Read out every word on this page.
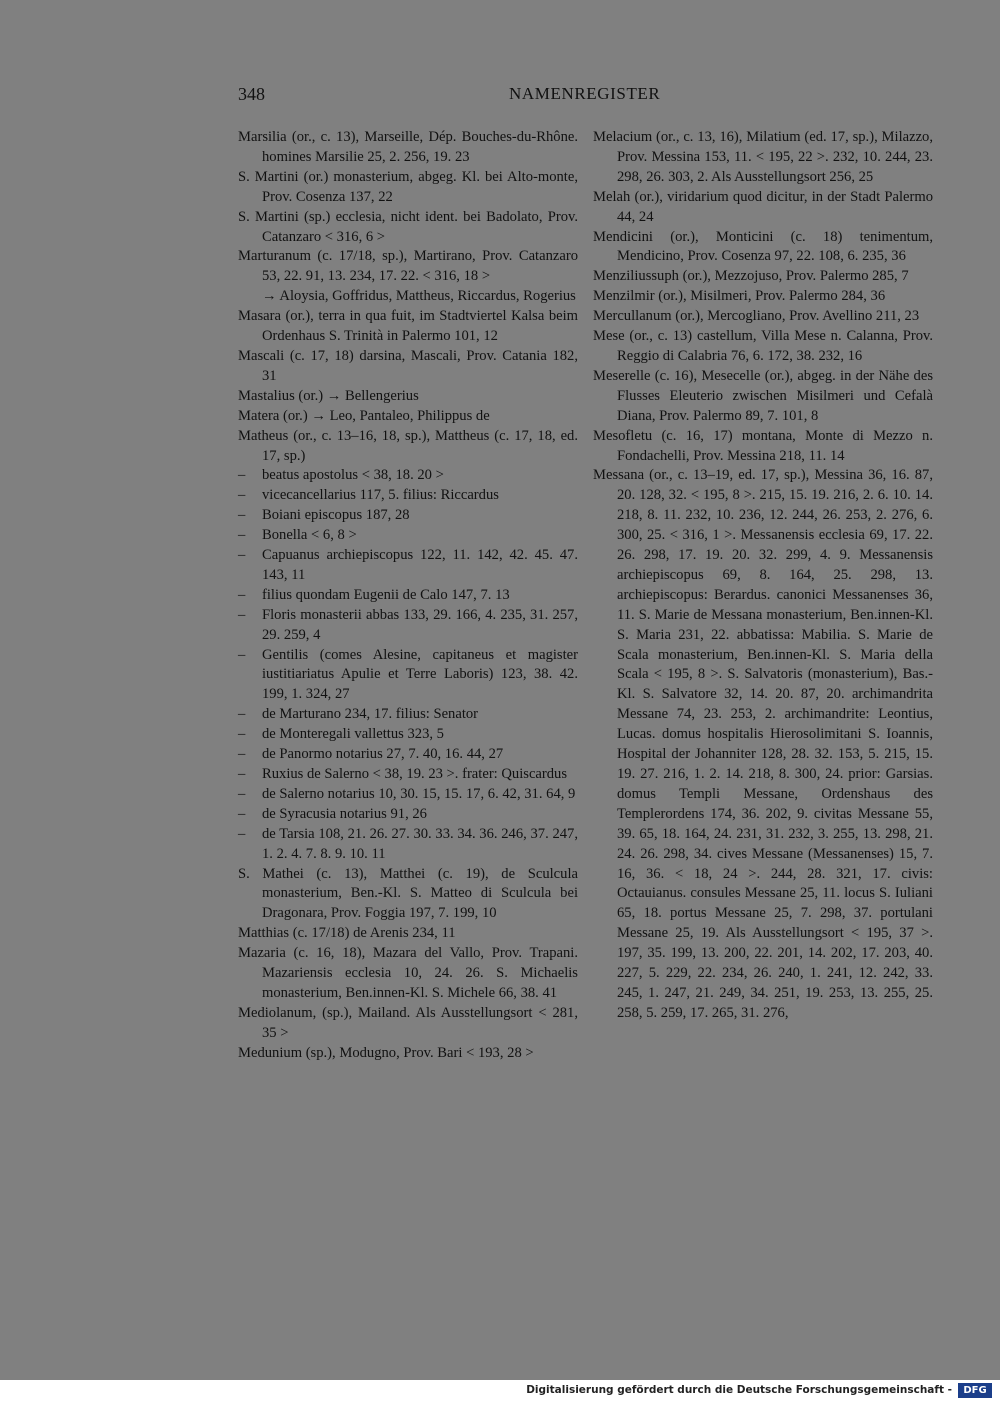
348	NAMENREGISTER
Marsilia (or., c. 13), Marseille, Dép. Bouches-du-Rhône. homines Marsilie 25, 2. 256, 19. 23
S. Martini (or.) monasterium, abgeg. Kl. bei Alto-monte, Prov. Cosenza 137, 22
S. Martini (sp.) ecclesia, nicht ident. bei Badolato, Prov. Catanzaro < 316, 6 >
Marturanum (c. 17/18, sp.), Martirano, Prov. Catanzaro 53, 22. 91, 13. 234, 17. 22. < 316, 18 >
→ Aloysia, Goffridus, Mattheus, Riccardus, Rogerius
Masara (or.), terra in qua fuit, im Stadtviertel Kalsa beim Ordenhaus S. Trinità in Palermo 101, 12
Mascali (c. 17, 18) darsina, Mascali, Prov. Catania 182, 31
Mastalius (or.) → Bellengerius
Matera (or.) → Leo, Pantaleo, Philippus de
Matheus (or., c. 13–16, 18, sp.), Mattheus (c. 17, 18, ed. 17, sp.)
– beatus apostolus < 38, 18. 20 >
– vicecancellarius 117, 5. filius: Riccardus
– Boiani episcopus 187, 28
– Bonella < 6, 8 >
– Capuanus archiepiscopus 122, 11. 142, 42. 45. 47. 143, 11
– filius quondam Eugenii de Calo 147, 7. 13
– Floris monasterii abbas 133, 29. 166, 4. 235, 31. 257, 29. 259, 4
– Gentilis (comes Alesine, capitaneus et magister iustitiariatus Apulie et Terre Laboris) 123, 38. 42. 199, 1. 324, 27
– de Marturano 234, 17. filius: Senator
– de Monteregali vallettus 323, 5
– de Panormo notarius 27, 7. 40, 16. 44, 27
– Ruxius de Salerno < 38, 19. 23 >. frater: Quiscardus
– de Salerno notarius 10, 30. 15, 15. 17, 6. 42, 31. 64, 9
– de Syracusia notarius 91, 26
– de Tarsia 108, 21. 26. 27. 30. 33. 34. 36. 246, 37. 247, 1. 2. 4. 7. 8. 9. 10. 11
S. Mathei (c. 13), Matthei (c. 19), de Sculcula monasterium, Ben.-Kl. S. Matteo di Sculcula bei Dragonara, Prov. Foggia 197, 7. 199, 10
Matthias (c. 17/18) de Arenis 234, 11
Mazaria (c. 16, 18), Mazara del Vallo, Prov. Trapani. Mazariensis ecclesia 10, 24. 26. S. Michaelis monasterium, Ben.innen-Kl. S. Michele 66, 38. 41
Mediolanum, (sp.), Mailand. Als Ausstellungsort < 281, 35 >
Medunium (sp.), Modugno, Prov. Bari < 193, 28 >
Melacium (or., c. 13, 16), Milatium (ed. 17, sp.), Milazzo, Prov. Messina 153, 11. < 195, 22 >. 232, 10. 244, 23. 298, 26. 303, 2. Als Ausstellungsort 256, 25
Melah (or.), viridarium quod dicitur, in der Stadt Palermo 44, 24
Mendicini (or.), Monticini (c. 18) tenimentum, Mendicino, Prov. Cosenza 97, 22. 108, 6. 235, 36
Menziliussuph (or.), Mezzojuso, Prov. Palermo 285, 7
Menzilmir (or.), Misilmeri, Prov. Palermo 284, 36
Mercullanum (or.), Mercogliano, Prov. Avellino 211, 23
Mese (or., c. 13) castellum, Villa Mese n. Calanna, Prov. Reggio di Calabria 76, 6. 172, 38. 232, 16
Meserelle (c. 16), Mesecelle (or.), abgeg. in der Nähe des Flusses Eleuterio zwischen Misilmeri und Cefalà Diana, Prov. Palermo 89, 7. 101, 8
Mesofletu (c. 16, 17) montana, Monte di Mezzo n. Fondachelli, Prov. Messina 218, 11. 14
Messana (or., c. 13–19, ed. 17, sp.), Messina 36, 16. 87, 20. 128, 32. < 195, 8 >. 215, 15. 19. 216, 2. 6. 10. 14. 218, 8. 11. 232, 10. 236, 12. 244, 26. 253, 2. 276, 6. 300, 25. < 316, 1 >. Messanensis ecclesia 69, 17. 22. 26. 298, 17. 19. 20. 32. 299, 4. 9. Messanensis archiepiscopus 69, 8. 164, 25. 298, 13. archiepiscopus: Berardus. canonici Messanenses 36, 11. S. Marie de Messana monasterium, Ben.innen-Kl. S. Maria 231, 22. abbatissa: Mabilia. S. Marie de Scala monasterium, Ben.innen-Kl. S. Maria della Scala < 195, 8 >. S. Salvatoris (monasterium), Bas.-Kl. S. Salvatore 32, 14. 20. 87, 20. archimandrita Messane 74, 23. 253, 2. archimandrite: Leontius, Lucas. domus hospitalis Hierosolimitani S. Ioannis, Hospital der Johanniter 128, 28. 32. 153, 5. 215, 15. 19. 27. 216, 1. 2. 14. 218, 8. 300, 24. prior: Garsias. domus Templi Messane, Ordenshaus des Templerordens 174, 36. 202, 9. civitas Messane 55, 39. 65, 18. 164, 24. 231, 31. 232, 3. 255, 13. 298, 21. 24. 26. 298, 34. cives Messane (Messanenses) 15, 7. 16, 36. < 18, 24 >. 244, 28. 321, 17. civis: Octauianus. consules Messane 25, 11. locus S. Iuliani 65, 18. portus Messane 25, 7. 298, 37. portulani Messane 25, 19. Als Ausstellungsort < 195, 37 >. 197, 35. 199, 13. 200, 22. 201, 14. 202, 17. 203, 40. 227, 5. 229, 22. 234, 26. 240, 1. 241, 12. 242, 33. 245, 1. 247, 21. 249, 34. 251, 19. 253, 13. 255, 25. 258, 5. 259, 17. 265, 31. 276,
Digitalisierung gefördert durch die Deutsche Forschungsgemeinschaft -	DFG
